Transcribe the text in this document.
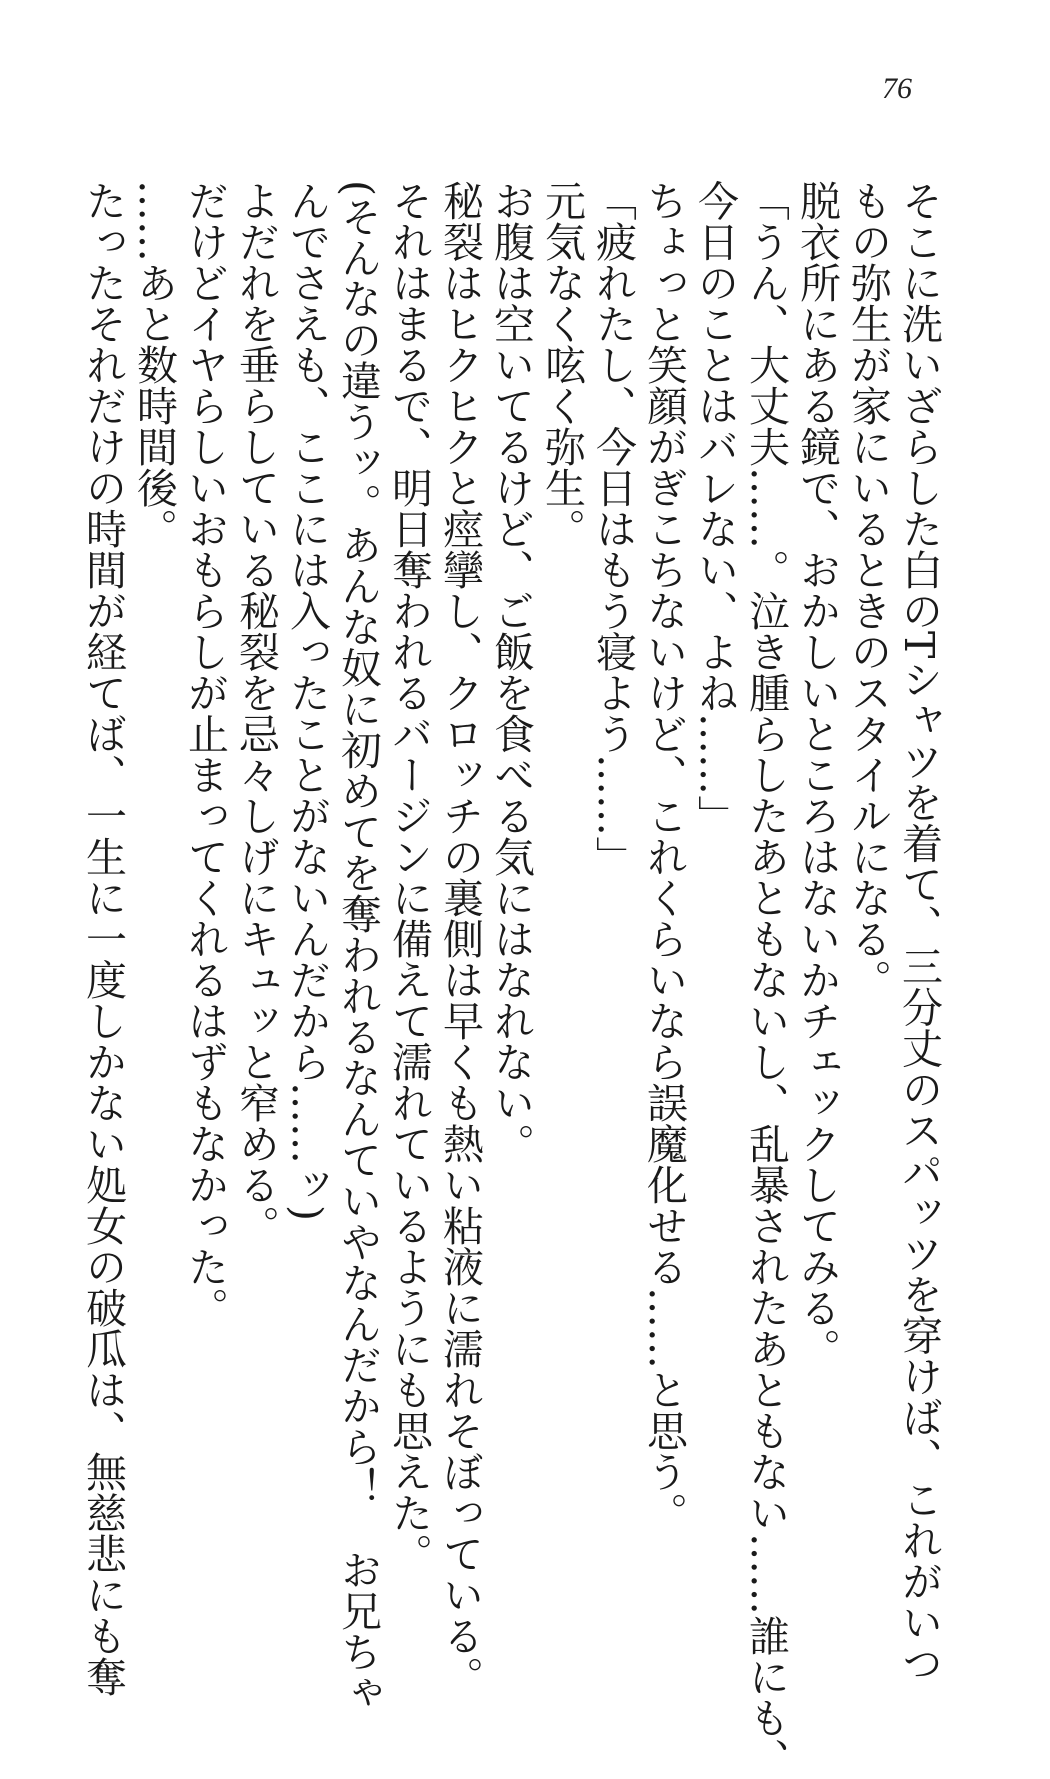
76
そこに洗いざらした白のTシャツを着て、三分丈のスパッツを穿けば、これがいつ
もの弥生が家にいるときのスタイルになる。
脱衣所にある鏡で、おかしいところはないかチェックしてみる。
「うん、大丈夫……。泣き腫らしたあともないし、乱暴されたあともない……誰にも、
今日のことはバレない、よね……」
ちょっと笑顔がぎこちないけど、これくらいなら誤魔化せる……と思う。
「疲れたし、今日はもう寝よう……」
元気なく呟く弥生。
お腹は空いてるけど、ご飯を食べる気にはなれない。
秘裂はヒクヒクと痙攣し、クロッチの裏側は早くも熱い粘液に濡れそぼっている。
それはまるで、明日奪われるバージンに備えて濡れているようにも思えた。
(そんなの違うッ。あんな奴に初めてを奪われるなんていやなんだから！　お兄ちゃ
んでさえも、ここには入ったことがないんだから……ッ)
よだれを垂らしている秘裂を忌々しげにキュッと窄める。
だけどイヤらしいおもらしが止まってくれるはずもなかった。
……あと数時間後。
たったそれだけの時間が経てば、一生に一度しかない処女の破瓜は、無慈悲にも奪
